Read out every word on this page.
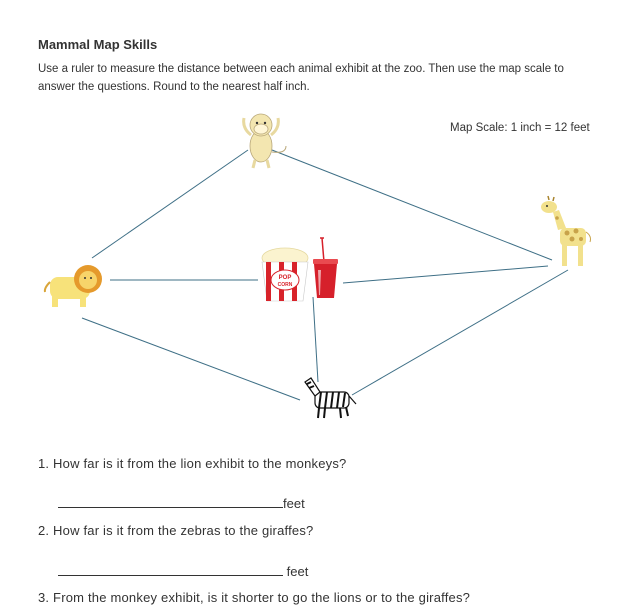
Mammal Map Skills
Use a ruler to measure the distance between each animal exhibit at the zoo. Then use the map scale to
answer the questions. Round to the nearest half inch.
Map Scale: 1 inch = 12 feet
POP
CORN
1. How far is it from the lion exhibit to the monkeys?
feet
2. How far is it from the zebras to the giraffes?
feet
3. From the monkey exhibit, is it shorter to go the lions or to the giraffes?
